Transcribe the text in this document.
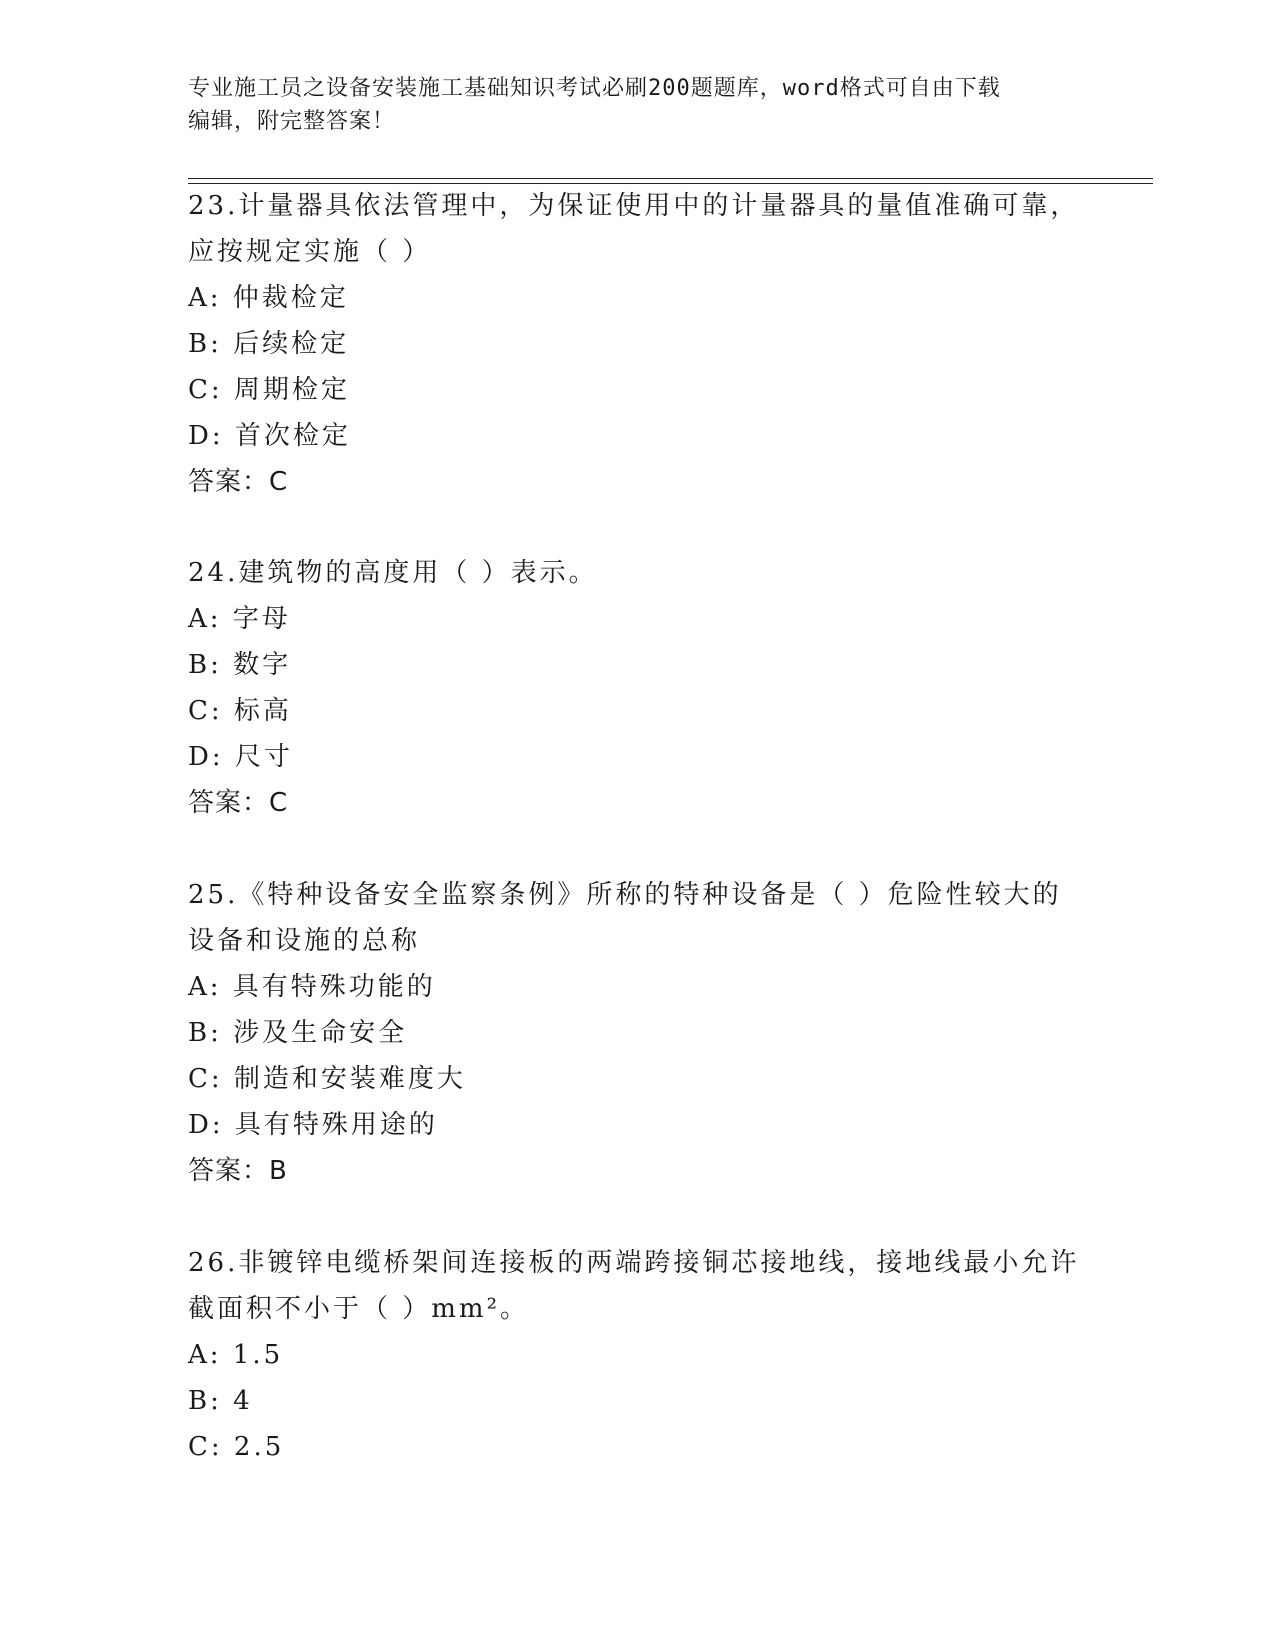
专业施工员之设备安装施工基础知识考试必刷200题题库，word格式可自由下载
编辑，附完整答案！
23.计量器具依法管理中，为保证使用中的计量器具的量值准确可靠，
应按规定实施（ ）
A: 仲裁检定
B: 后续检定
C: 周期检定
D: 首次检定
答案：C
24.建筑物的高度用（ ）表示。
A: 字母
B: 数字
C: 标高
D: 尺寸
答案：C
25.《特种设备安全监察条例》所称的特种设备是（ ）危险性较大的
设备和设施的总称
A: 具有特殊功能的
B: 涉及生命安全
C: 制造和安装难度大
D: 具有特殊用途的
答案：B
26.非镀锌电缆桥架间连接板的两端跨接铜芯接地线，接地线最小允许
截面积不小于（ ）mm²。
A: 1.5
B: 4
C: 2.5
